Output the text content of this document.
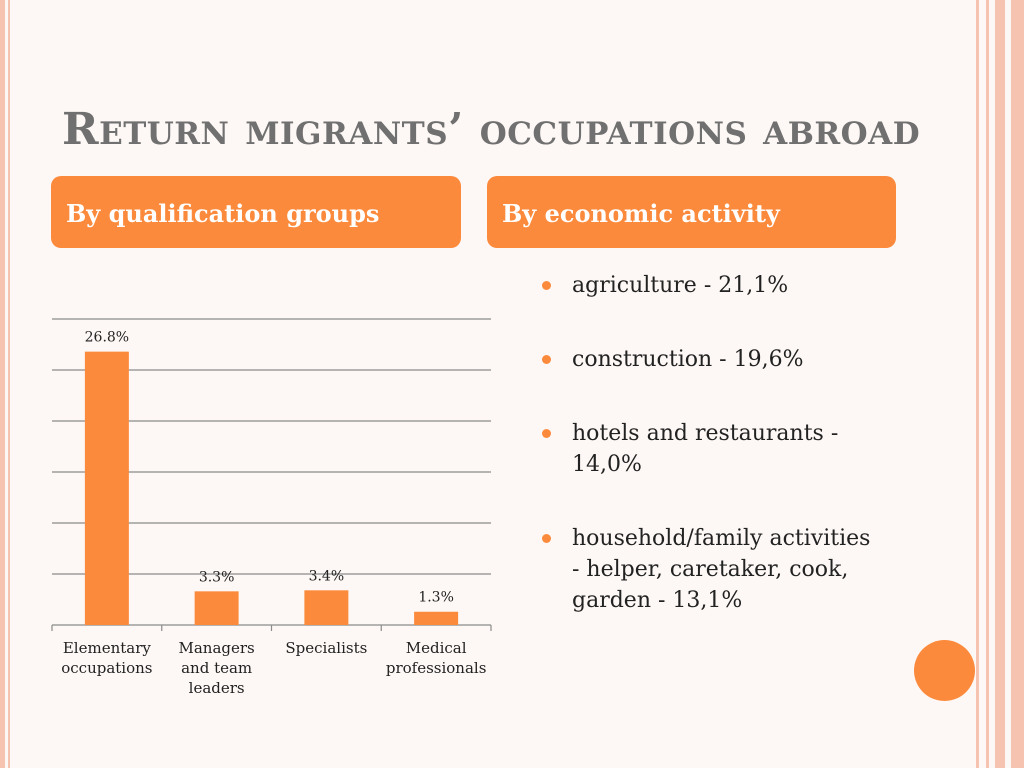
Return migrants’ occupations abroad
By qualification groups	By economic activity
26.8%
Elementary
occupations
3.3%
Managers
and team
leaders
3.4%
Specialists
1.3%
Medical
professionals
agriculture - 21,1%
construction - 19,6%
hotels and restaurants - 14,0%
household/family activities - helper, caretaker, cook, garden - 13,1%
